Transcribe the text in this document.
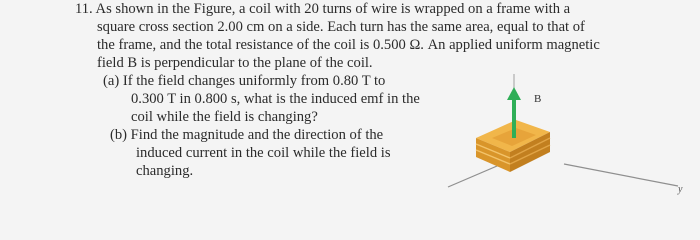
11. As shown in the Figure, a coil with 20 turns of wire is wrapped on a frame with a
square cross section 2.00 cm on a side. Each turn has the same area, equal to that of
the frame, and the total resistance of the coil is 0.500 Ω. An applied uniform magnetic
field B is perpendicular to the plane of the coil.
(a) If the field changes uniformly from 0.80 T to
0.300 T in 0.800 s, what is the induced emf in the
coil while the field is changing?
(b) Find the magnitude and the direction of the
induced current in the coil while the field is
changing.
B
y
